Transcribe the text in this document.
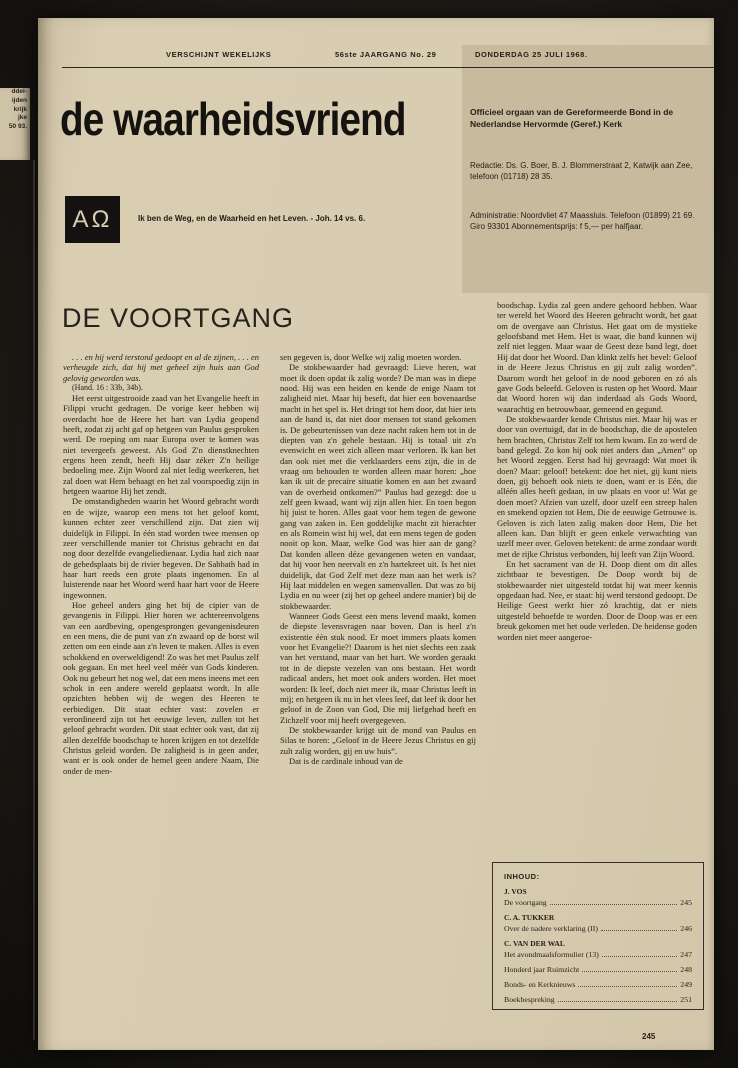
ddel-

ijden

krijk

jke

50 93.

VERSCHIJNT WEKELIJKS	56ste JAARGANG No. 29	DONDERDAG 25 JULI 1968.
de waarheidsvriend
ΑΩ	Ik ben de Weg, en de Waarheid en het Leven. - Joh. 14 vs. 6.
Officieel orgaan van de Gereformeerde Bond in de Nederlandse Hervormde (Geref.) Kerk
Redactie: Ds. G. Boer, B. J. Blommerstraat 2, Katwijk aan Zee, telefoon (01718) 28 35.
Administratie: Noordvliet 47 Maassluis. Telefoon (01899) 21 69. Giro 93301 Abonnementsprijs: f 5,— per halfjaar.
DE VOORTGANG

. . . en hij werd terstond gedoopt en al de zijnen, . . . en verheugde zich, dat hij met geheel zijn huis aan God gelovig geworden was.

(Hand. 16 : 33b, 34b).

Het eerst uitgestrooide zaad van het Evangelie heeft in Filippi vrucht gedragen. De vorige keer hebben wij overdacht hoe de Heere het hart van Lydia geopend heeft, zodat zij acht gaf op hetgeen van Paulus gesproken werd. De roeping om naar Europa over te komen was niet tevergeefs geweest. Als God Z'n dienstknechten ergens heen zendt, heeft Hij daar zéker Z'n heilige bedoeling mee. Zijn Woord zal niet ledig weerkeren, het zal doen wat Hem behaagt en het zal voorspoedig zijn in hetgeen waartoe Hij het zendt.

De omstandigheden waarin het Woord gebracht wordt en de wijze, waarop een mens tot het geloof komt, kunnen echter zeer verschillend zijn. Dat zien wij duidelijk in Filippi. In één stad worden twee mensen op zeer verschillende manier tot Christus gebracht en dat nog door dezelfde evangeliedienaar. Lydia had zich naar de gebedsplaats bij de rivier begeven. De Sabbath had in haar hart reeds een grote plaats ingenomen. En al luisterende naar het Woord werd haar hart voor de Heere ingewonnen.

Hoe geheel anders ging het bij de cipier van de gevangenis in Filippi. Hier horen we achtereenvolgens van een aardbeving, opengesprongen gevangenisdeuren en een mens, die de punt van z'n zwaard op de borst wil zetten om een einde aan z'n leven te maken. Alles is even schokkend en overweldigend! Zo was het met Paulus zelf ook gegaan. En met heel veel méér van Gods kinderen. Ook nu gebeurt het nog wel, dat een mens ineens met een schok in een andere wereld geplaatst wordt. In alle opzichten hebben wij de wegen des Heeren te eerbiedigen. Dit staat echter vast: zovelen er verordineerd zijn tot het eeuwige leven, zullen tot het geloof gebracht worden. Dit staat echter ook vast, dat zij allen dezelfde boodschap te horen krijgen en tot dezelfde Christus geleid worden. De zaligheid is in geen ander, want er is ook onder de hemel geen andere Naam, Die onder de men-

sen gegeven is, door Welke wij zalig moeten worden.

De stokbewaarder had gevraagd: Lieve heren, wat moet ik doen opdat ik zalig worde? De man was in diepe nood. Hij was een heiden en kende de enige Naam tot zaligheid niet. Maar hij beseft, dat hier een bovenaardse macht in het spel is. Het dringt tot hem door, dat hier iets aan de hand is, dat niet door mensen tot stand gekomen is. De gebeurtenissen van deze nacht raken hem tot in de diepten van z'n gehele bestaan. Hij is totaal uit z'n evenwicht en weet zich alleen maar verloren. Ik kan het dan ook niet met die verklaarders eens zijn, die in de vraag om behouden te worden alleen maar horen: „hoe kan ik uit de precaire situatie komen en aan het zwaard van de overheid ontkomen?” Paulus had gezegd: doe u zelf geen kwaad, want wij zijn allen hier. En toen begon hij juist te horen. Alles gaat voor hem tegen de gewone gang van zaken in. Een goddelijke macht zit hierachter en als Romein wist hij wel, dat een mens tegen de goden nooit op kon. Maar, welke God was hier aan de gang? Dat konden alleen déze gevangenen weten en vandaar, dat hij voor hen neervalt en z'n hartekreet uit. Is het niet duidelijk, dat God Zelf met deze man aan het werk is? Hij laat middelen en wegen samenvallen. Dat was zo bij Lydia en nu weer (zij het op geheel andere manier) bij de stokbewaarder.

Wanneer Gods Geest een mens levend maakt, komen de diepste levensvragen naar boven. Dan is heel z'n existentie één stuk nood. Er moet immers plaats komen voor het Evangelie?! Daarom is het niet slechts een zaak van het verstand, maar van het hart. We worden geraakt tot in de diepste vezelen van ons bestaan. Het wordt radicaal anders, het moet ook anders worden. Het moet worden: Ik leef, doch niet meer ik, maar Christus leeft in mij; en hetgeen ik nu in het vlees leef, dat leef ik door het geloof in de Zoon van God, Die mij liefgehad heeft en Zichzelf voor mij heeft overgegeven.

De stokbewaarder krijgt uit de mond van Paulus en Silas te horen: „Geloof in de Heere Jezus Christus en gij zult zalig worden, gij en uw huis”.

Dat is de cardinale inhoud van de

boodschap. Lydia zal geen andere gehoord hebben. Waar ter wereld het Woord des Heeren gebracht wordt, het gaat om de overgave aan Christus. Het gaat om de mystieke geloofsband met Hem. Het is waar, die band kunnen wij zelf niet leggen. Maar waar de Geest deze band legt, doet Hij dat door het Woord. Dan klinkt zelfs het bevel: Geloof in de Heere Jezus Christus en gij zult zalig worden”. Daarom wordt het geloof in de nood geboren en zó als gave Gods beleefd. Geloven is rusten op het Woord. Maar dat Woord horen wij dan inderdaad als Gods Woord, waarachtig en betrouwbaar, gemeend en gegund.

De stokbewaarder kende Christus niet. Maar hij was er door van overtuigd, dat in de boodschap, die de apostelen hem brachten, Christus Zelf tot hem kwam. En zo werd de band gelegd. Zo kon hij ook niet anders dan „Amen” op het Woord zeggen. Eerst had hij gevraagd: Wat moet ik doen? Maar: geloof! betekent: doe het niet, gij kunt niets doen, gij behoeft ook niets te doen, want er is Eén, die alléén alles heeft gedaan, in uw plaats en voor u! Wat ge doen moet? Afzien van uzelf, door uzelf een streep halen en smekend opzien tot Hem, Die de eeuwige Getrouwe is. Geloven is zich laten zalig maken door Hem, Die het alleen kan. Dan blijft er geen enkele verwachting van uzelf meer over. Geloven betekent: de arme zondaar wordt met de rijke Christus verbonden, hij leeft van Zijn Woord.

En het sacrament van de H. Doop dient om dit alles zichtbaar te bevestigen. De Doop wordt bij de stokbewaarder niet uitgesteld totdat hij wat meer kennis opgedaan had. Nee, er staat: hij werd terstond gedoopt. De Heilige Geest werkt hier zó krachtig, dat er niets uitgesteld behoefde te worden. Door de Doop was er een breuk gekomen met het oude verleden. De heidense goden worden niet meer aangeroe-

INHOUD:
J. VOS
De voortgang	245
C. A. TUKKER
Over de nadere verklaring (II)	246
C. VAN DER WAL
Het avondmaalsformulier (13)	247
Honderd jaar Ruimzicht	248
Bonds- en Kerknieuws	249
Boekbespreking	251
245
